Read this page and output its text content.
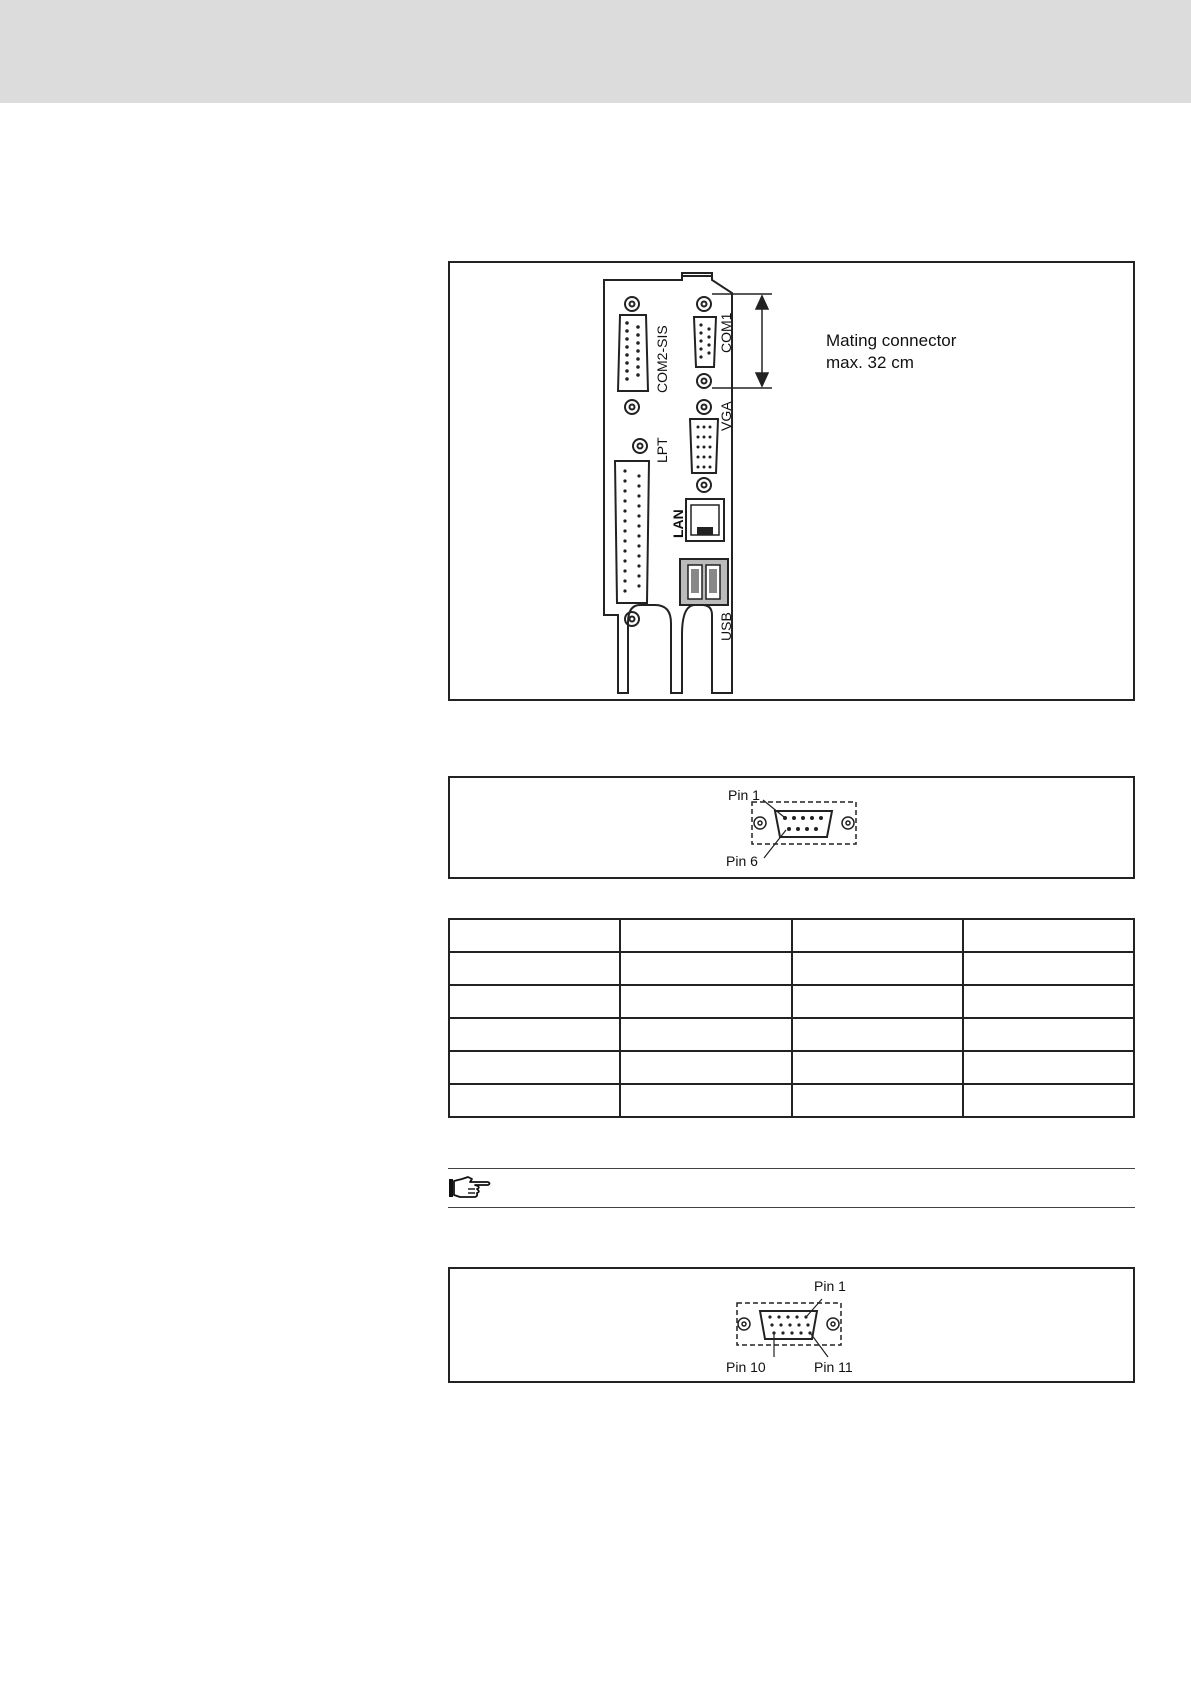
COM2-SIS	COM1
VGA
LPT
LAN
USB
Mating connector
max. 32 cm
Pin 1
Pin 6

Pin 1
Pin 10	Pin 11
